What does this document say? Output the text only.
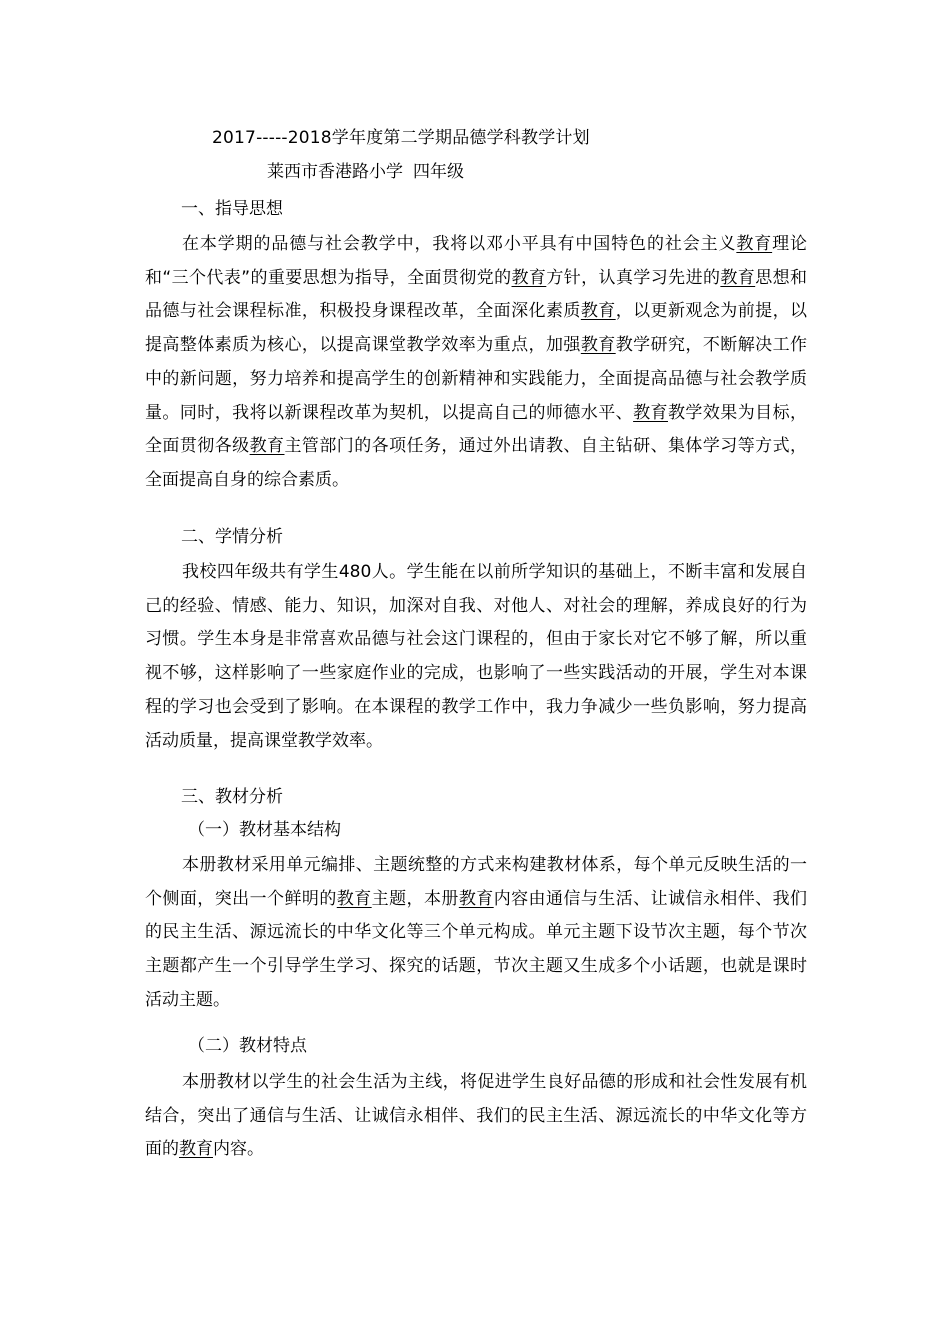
2017-----2018学年度第二学期品德学科教学计划
莱西市香港路小学 四年级
一、指导思想
在本学期的品德与社会教学中，我将以邓小平具有中国特色的社会主义教育理论和“三个代表”的重要思想为指导，全面贯彻党的教育方针，认真学习先进的教育思想和品德与社会课程标准，积极投身课程改革，全面深化素质教育，以更新观念为前提，以提高整体素质为核心，以提高课堂教学效率为重点，加强教育教学研究，不断解决工作中的新问题，努力培养和提高学生的创新精神和实践能力，全面提高品德与社会教学质量。同时，我将以新课程改革为契机，以提高自己的师德水平、教育教学效果为目标，全面贯彻各级教育主管部门的各项任务，通过外出请教、自主钻研、集体学习等方式，全面提高自身的综合素质。
二、学情分析
我校四年级共有学生480人。学生能在以前所学知识的基础上，不断丰富和发展自己的经验、情感、能力、知识，加深对自我、对他人、对社会的理解，养成良好的行为习惯。学生本身是非常喜欢品德与社会这门课程的，但由于家长对它不够了解，所以重视不够，这样影响了一些家庭作业的完成，也影响了一些实践活动的开展，学生对本课程的学习也会受到了影响。在本课程的教学工作中，我力争减少一些负影响，努力提高活动质量，提高课堂教学效率。
三、教材分析
（一）教材基本结构
本册教材采用单元编排、主题统整的方式来构建教材体系，每个单元反映生活的一个侧面，突出一个鲜明的教育主题，本册教育内容由通信与生活、让诚信永相伴、我们的民主生活、源远流长的中华文化等三个单元构成。单元主题下设节次主题，每个节次主题都产生一个引导学生学习、探究的话题，节次主题又生成多个小话题，也就是课时活动主题。
（二）教材特点
本册教材以学生的社会生活为主线，将促进学生良好品德的形成和社会性发展有机结合，突出了通信与生活、让诚信永相伴、我们的民主生活、源远流长的中华文化等方面的教育内容。
